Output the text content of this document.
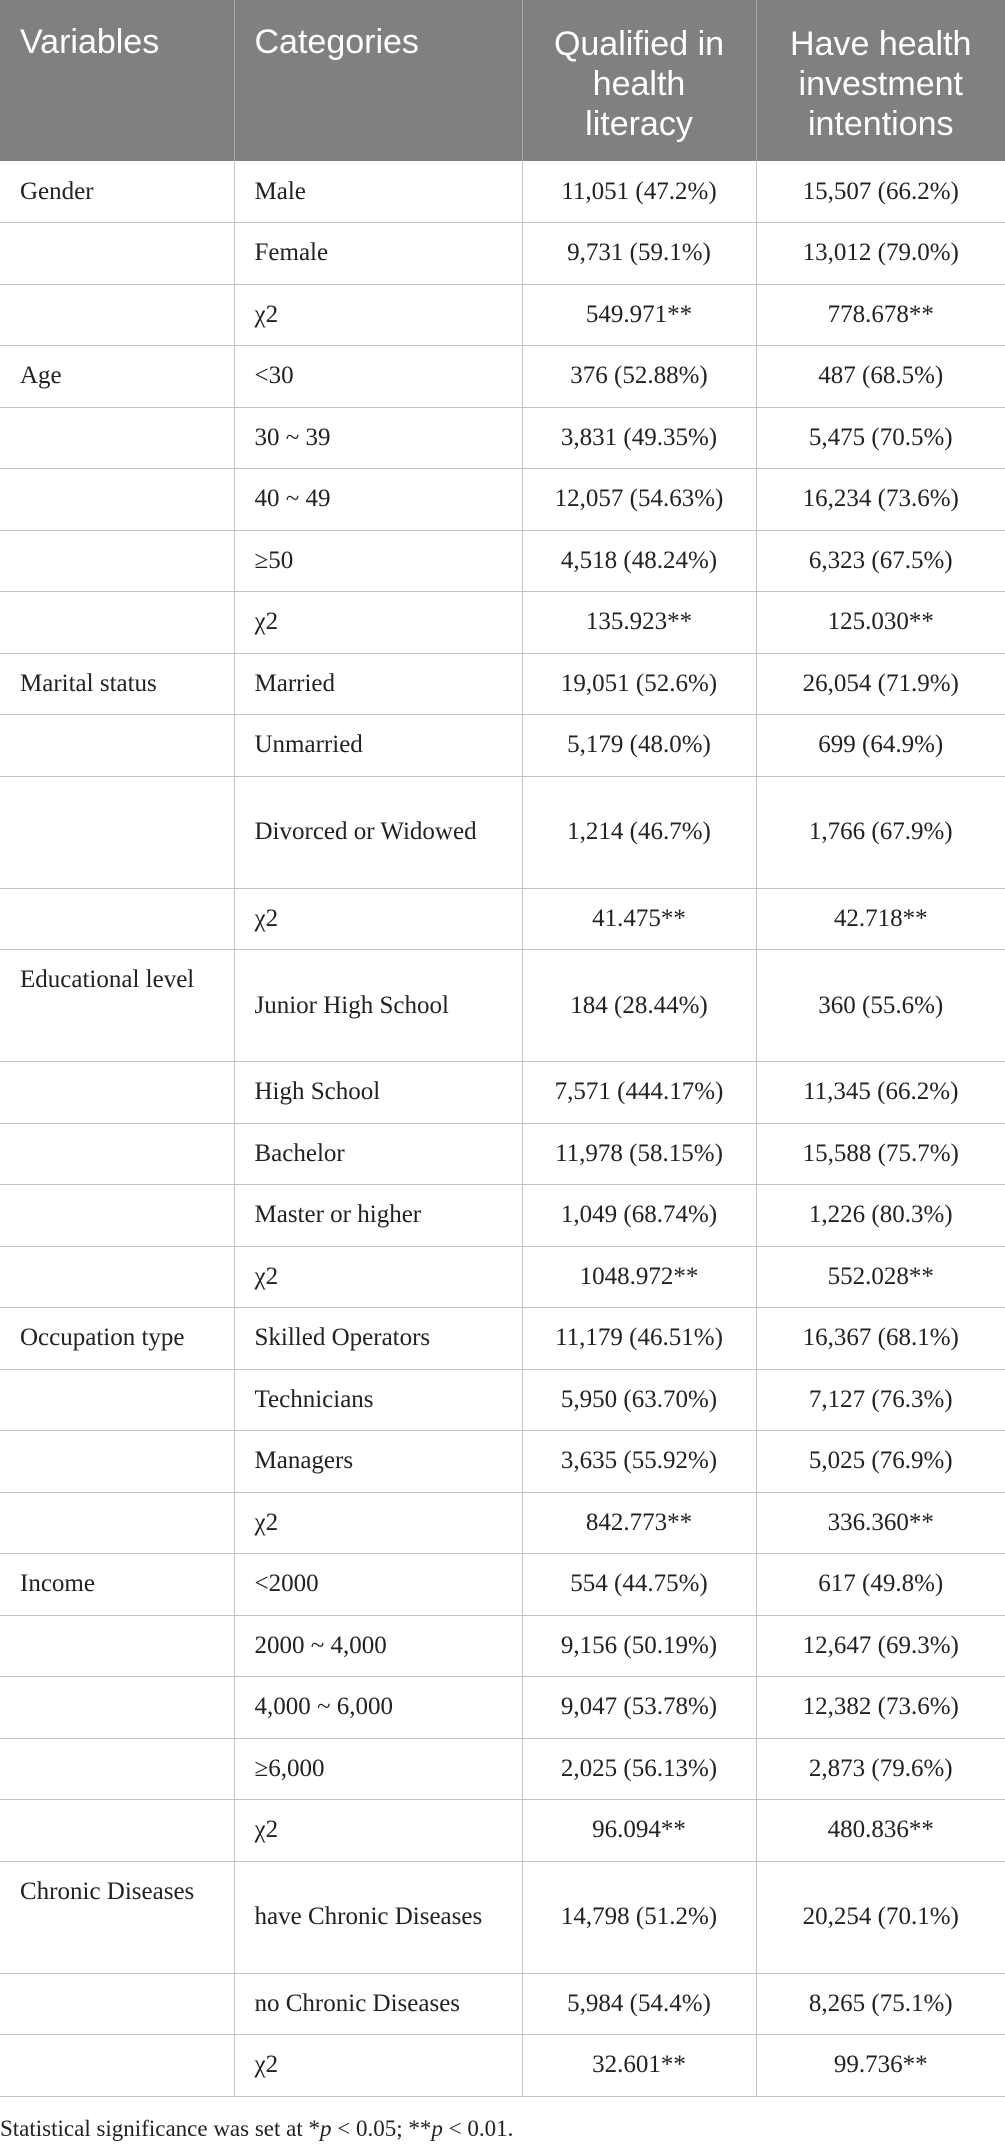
Variables	Categories	Qualified in health literacy	Have health investment intentions
Gender	Male	11,051 (47.2%)	15,507 (66.2%)
	Female	9,731 (59.1%)	13,012 (79.0%)
	χ2	549.971**	778.678**
Age	<30	376 (52.88%)	487 (68.5%)
	30 ~ 39	3,831 (49.35%)	5,475 (70.5%)
	40 ~ 49	12,057 (54.63%)	16,234 (73.6%)
	≥50	4,518 (48.24%)	6,323 (67.5%)
	χ2	135.923**	125.030**
Marital status	Married	19,051 (52.6%)	26,054 (71.9%)
	Unmarried	5,179 (48.0%)	699 (64.9%)
	Divorced or Widowed	1,214 (46.7%)	1,766 (67.9%)
	χ2	41.475**	42.718**
Educational level	Junior High School	184 (28.44%)	360 (55.6%)
	High School	7,571 (444.17%)	11,345 (66.2%)
	Bachelor	11,978 (58.15%)	15,588 (75.7%)
	Master or higher	1,049 (68.74%)	1,226 (80.3%)
	χ2	1048.972**	552.028**
Occupation type	Skilled Operators	11,179 (46.51%)	16,367 (68.1%)
	Technicians	5,950 (63.70%)	7,127 (76.3%)
	Managers	3,635 (55.92%)	5,025 (76.9%)
	χ2	842.773**	336.360**
Income	<2000	554 (44.75%)	617 (49.8%)
	2000 ~ 4,000	9,156 (50.19%)	12,647 (69.3%)
	4,000 ~ 6,000	9,047 (53.78%)	12,382 (73.6%)
	≥6,000	2,025 (56.13%)	2,873 (79.6%)
	χ2	96.094**	480.836**
Chronic Diseases	have Chronic Diseases	14,798 (51.2%)	20,254 (70.1%)
	no Chronic Diseases	5,984 (54.4%)	8,265 (75.1%)
	χ2	32.601**	99.736**
Statistical significance was set at *p < 0.05; **p < 0.01.
